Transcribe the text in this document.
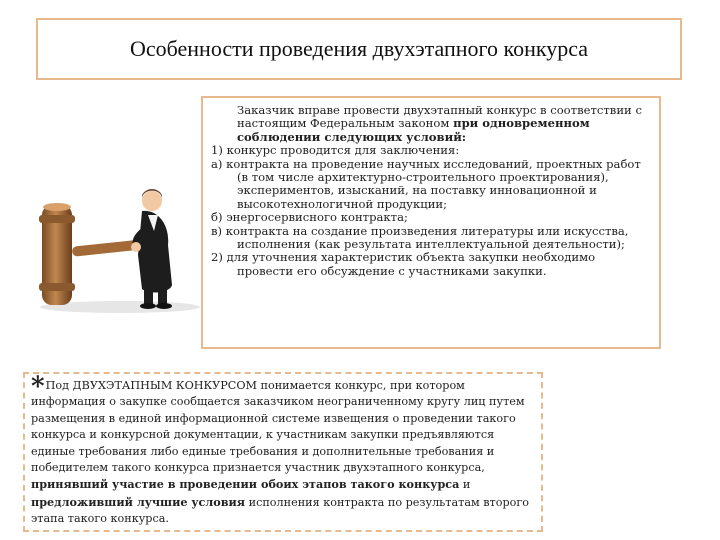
Особенности проведения двухэтапного конкурса

Заказчик вправе провести двухэтапный конкурс в соответствии с настоящим Федеральным законом при одновременном соблюдении следующих условий:

1) конкурс проводится для заключения:

а) контракта на проведение научных исследований, проектных работ (в том числе архитектурно-строительного проектирования), экспериментов, изысканий, на поставку инновационной и высокотехнологичной продукции;

б) энергосервисного контракта;

в) контракта на создание произведения литературы или искусства, исполнения (как результата интеллектуальной деятельности);

2) для уточнения характеристик объекта закупки необходимо провести его обсуждение с участниками закупки.

*Под ДВУХЭТАПНЫМ КОНКУРСОМ понимается конкурс, при котором информация о закупке сообщается заказчиком неограниченному кругу лиц путем размещения в единой информационной системе извещения о проведении такого конкурса и конкурсной документации, к участникам закупки предъявляются единые требования либо единые требования и дополнительные требования и победителем такого конкурса признается участник двухэтапного конкурса, принявший участие в проведении обоих этапов такого конкурса и предложивший лучшие условия исполнения контракта по результатам второго этапа такого конкурса.
